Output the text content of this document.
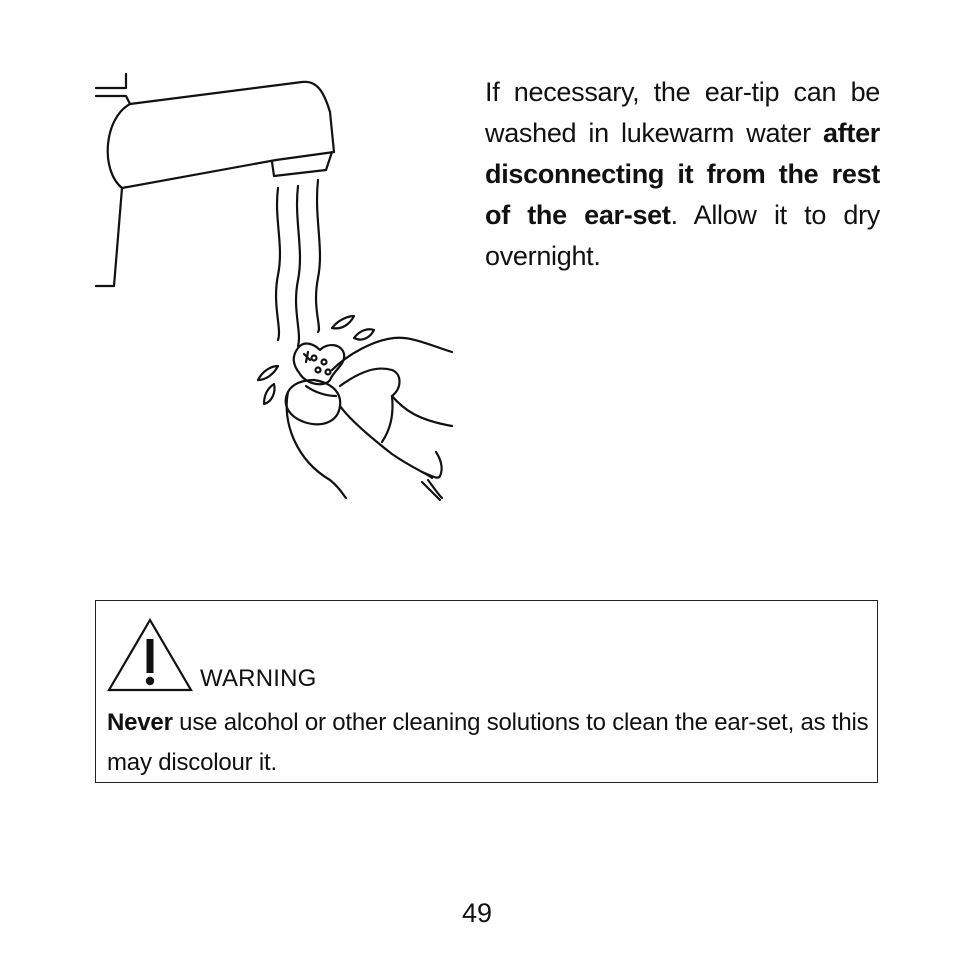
If necessary, the ear-tip can be washed in lukewarm water after disconnecting it from the rest of the ear-set. Allow it to dry overnight.

WARNING

Never use alcohol or other cleaning solutions to clean the ear-set, as this may discolour it.

49
